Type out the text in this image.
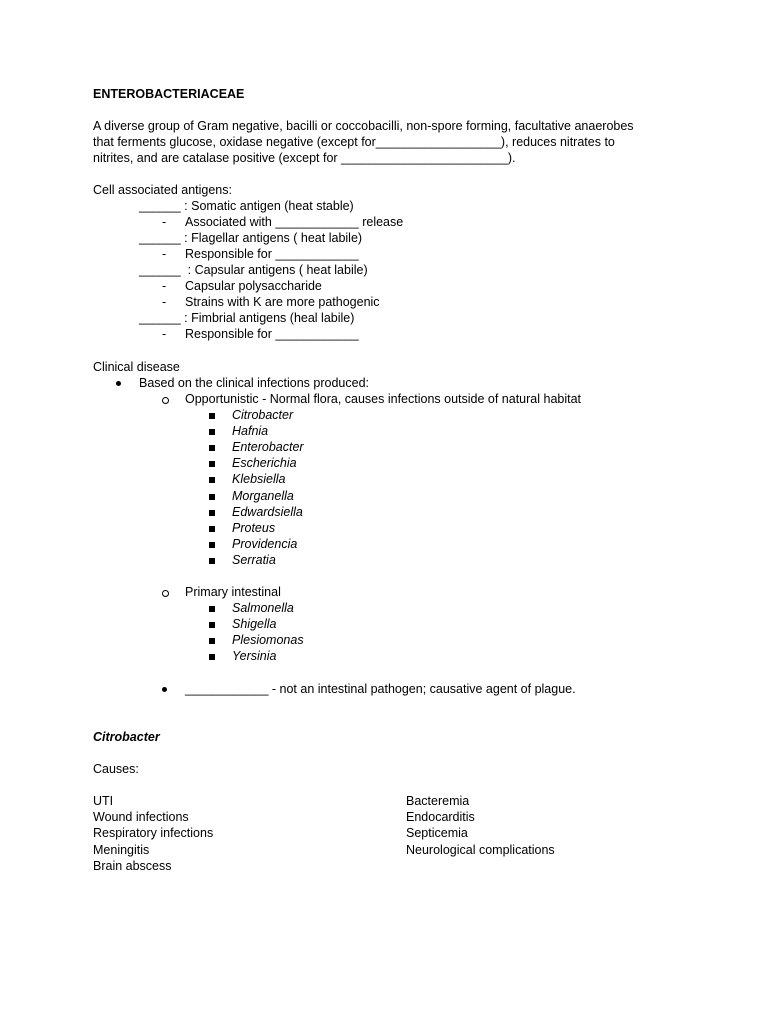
ENTEROBACTERIACEAE
A diverse group of Gram negative, bacilli or coccobacilli, non-spore forming, facultative anaerobes
that ferments glucose, oxidase negative (except for__________________), reduces nitrates to
nitrites, and are catalase positive (except for ________________________).
Cell associated antigens:
______ : Somatic antigen (heat stable)
- Associated with ____________ release
______ : Flagellar antigens ( heat labile)
- Responsible for ____________
______  : Capsular antigens ( heat labile)
- Capsular polysaccharide
- Strains with K are more pathogenic
______ : Fimbrial antigens (heal labile)
- Responsible for ____________
Clinical disease
Based on the clinical infections produced:
Opportunistic - Normal flora, causes infections outside of natural habitat
Citrobacter
Hafnia
Enterobacter
Escherichia
Klebsiella
Morganella
Edwardsiella
Proteus
Providencia
Serratia
Primary intestinal
Salmonella
Shigella
Plesiomonas
Yersinia
____________ - not an intestinal pathogen; causative agent of plague.
Citrobacter
Causes:
UTI
Wound infections
Respiratory infections
Meningitis
Brain abscess
Bacteremia
Endocarditis
Septicemia
Neurological complications
